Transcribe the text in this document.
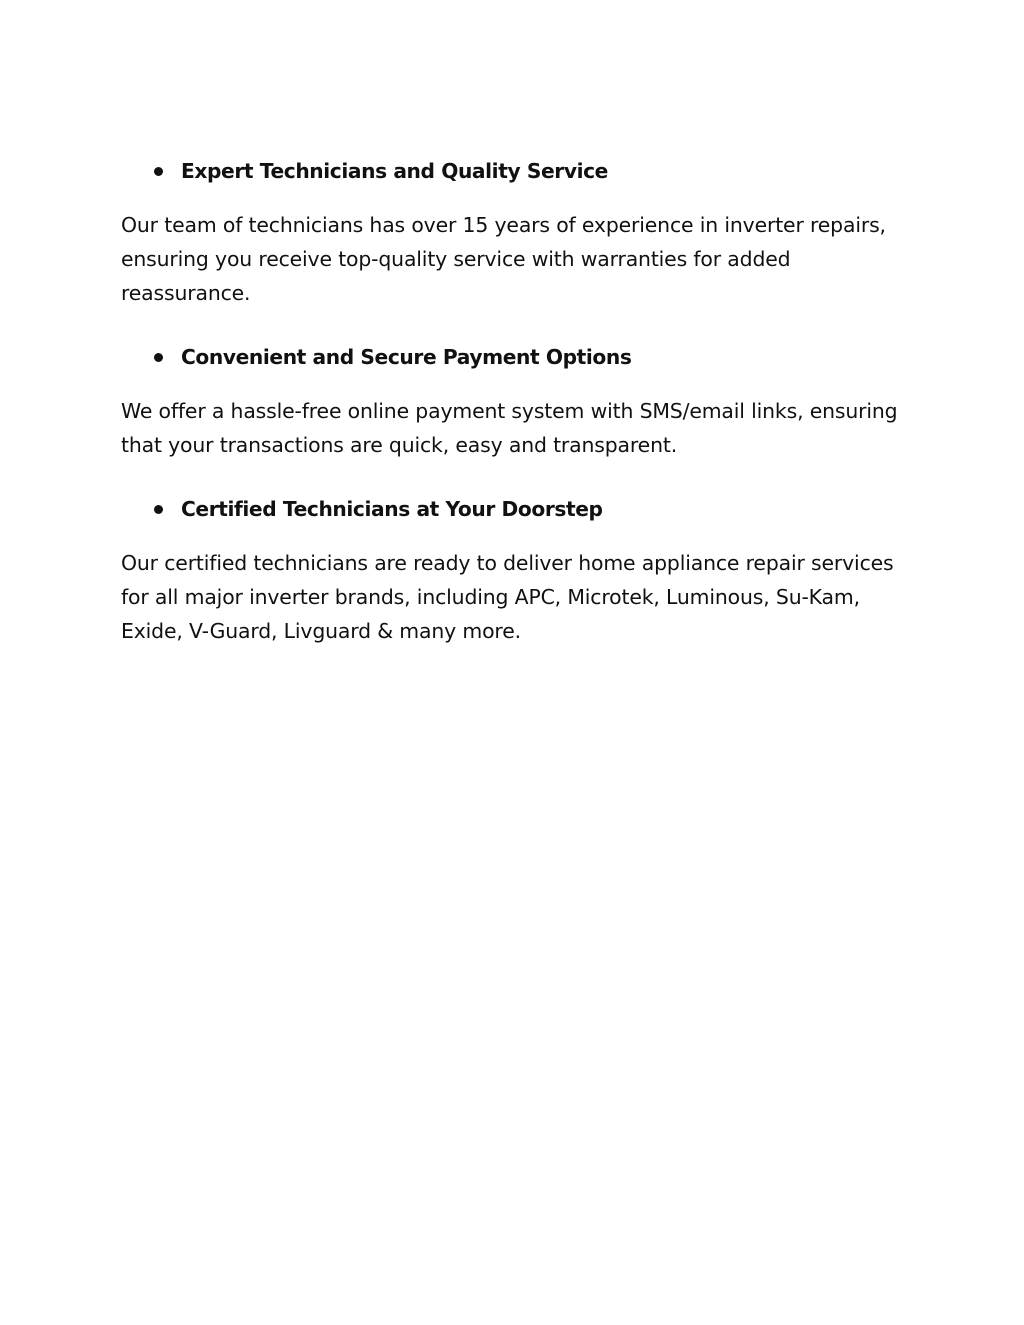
Expert Technicians and Quality Service

Our team of technicians has over 15 years of experience in inverter repairs,
ensuring you receive top-quality service with warranties for added
reassurance.

Convenient and Secure Payment Options

We offer a hassle-free online payment system with SMS/email links, ensuring
that your transactions are quick, easy and transparent.

Certified Technicians at Your Doorstep

Our certified technicians are ready to deliver home appliance repair services
for all major inverter brands, including APC, Microtek, Luminous, Su-Kam,
Exide, V-Guard, Livguard & many more.
